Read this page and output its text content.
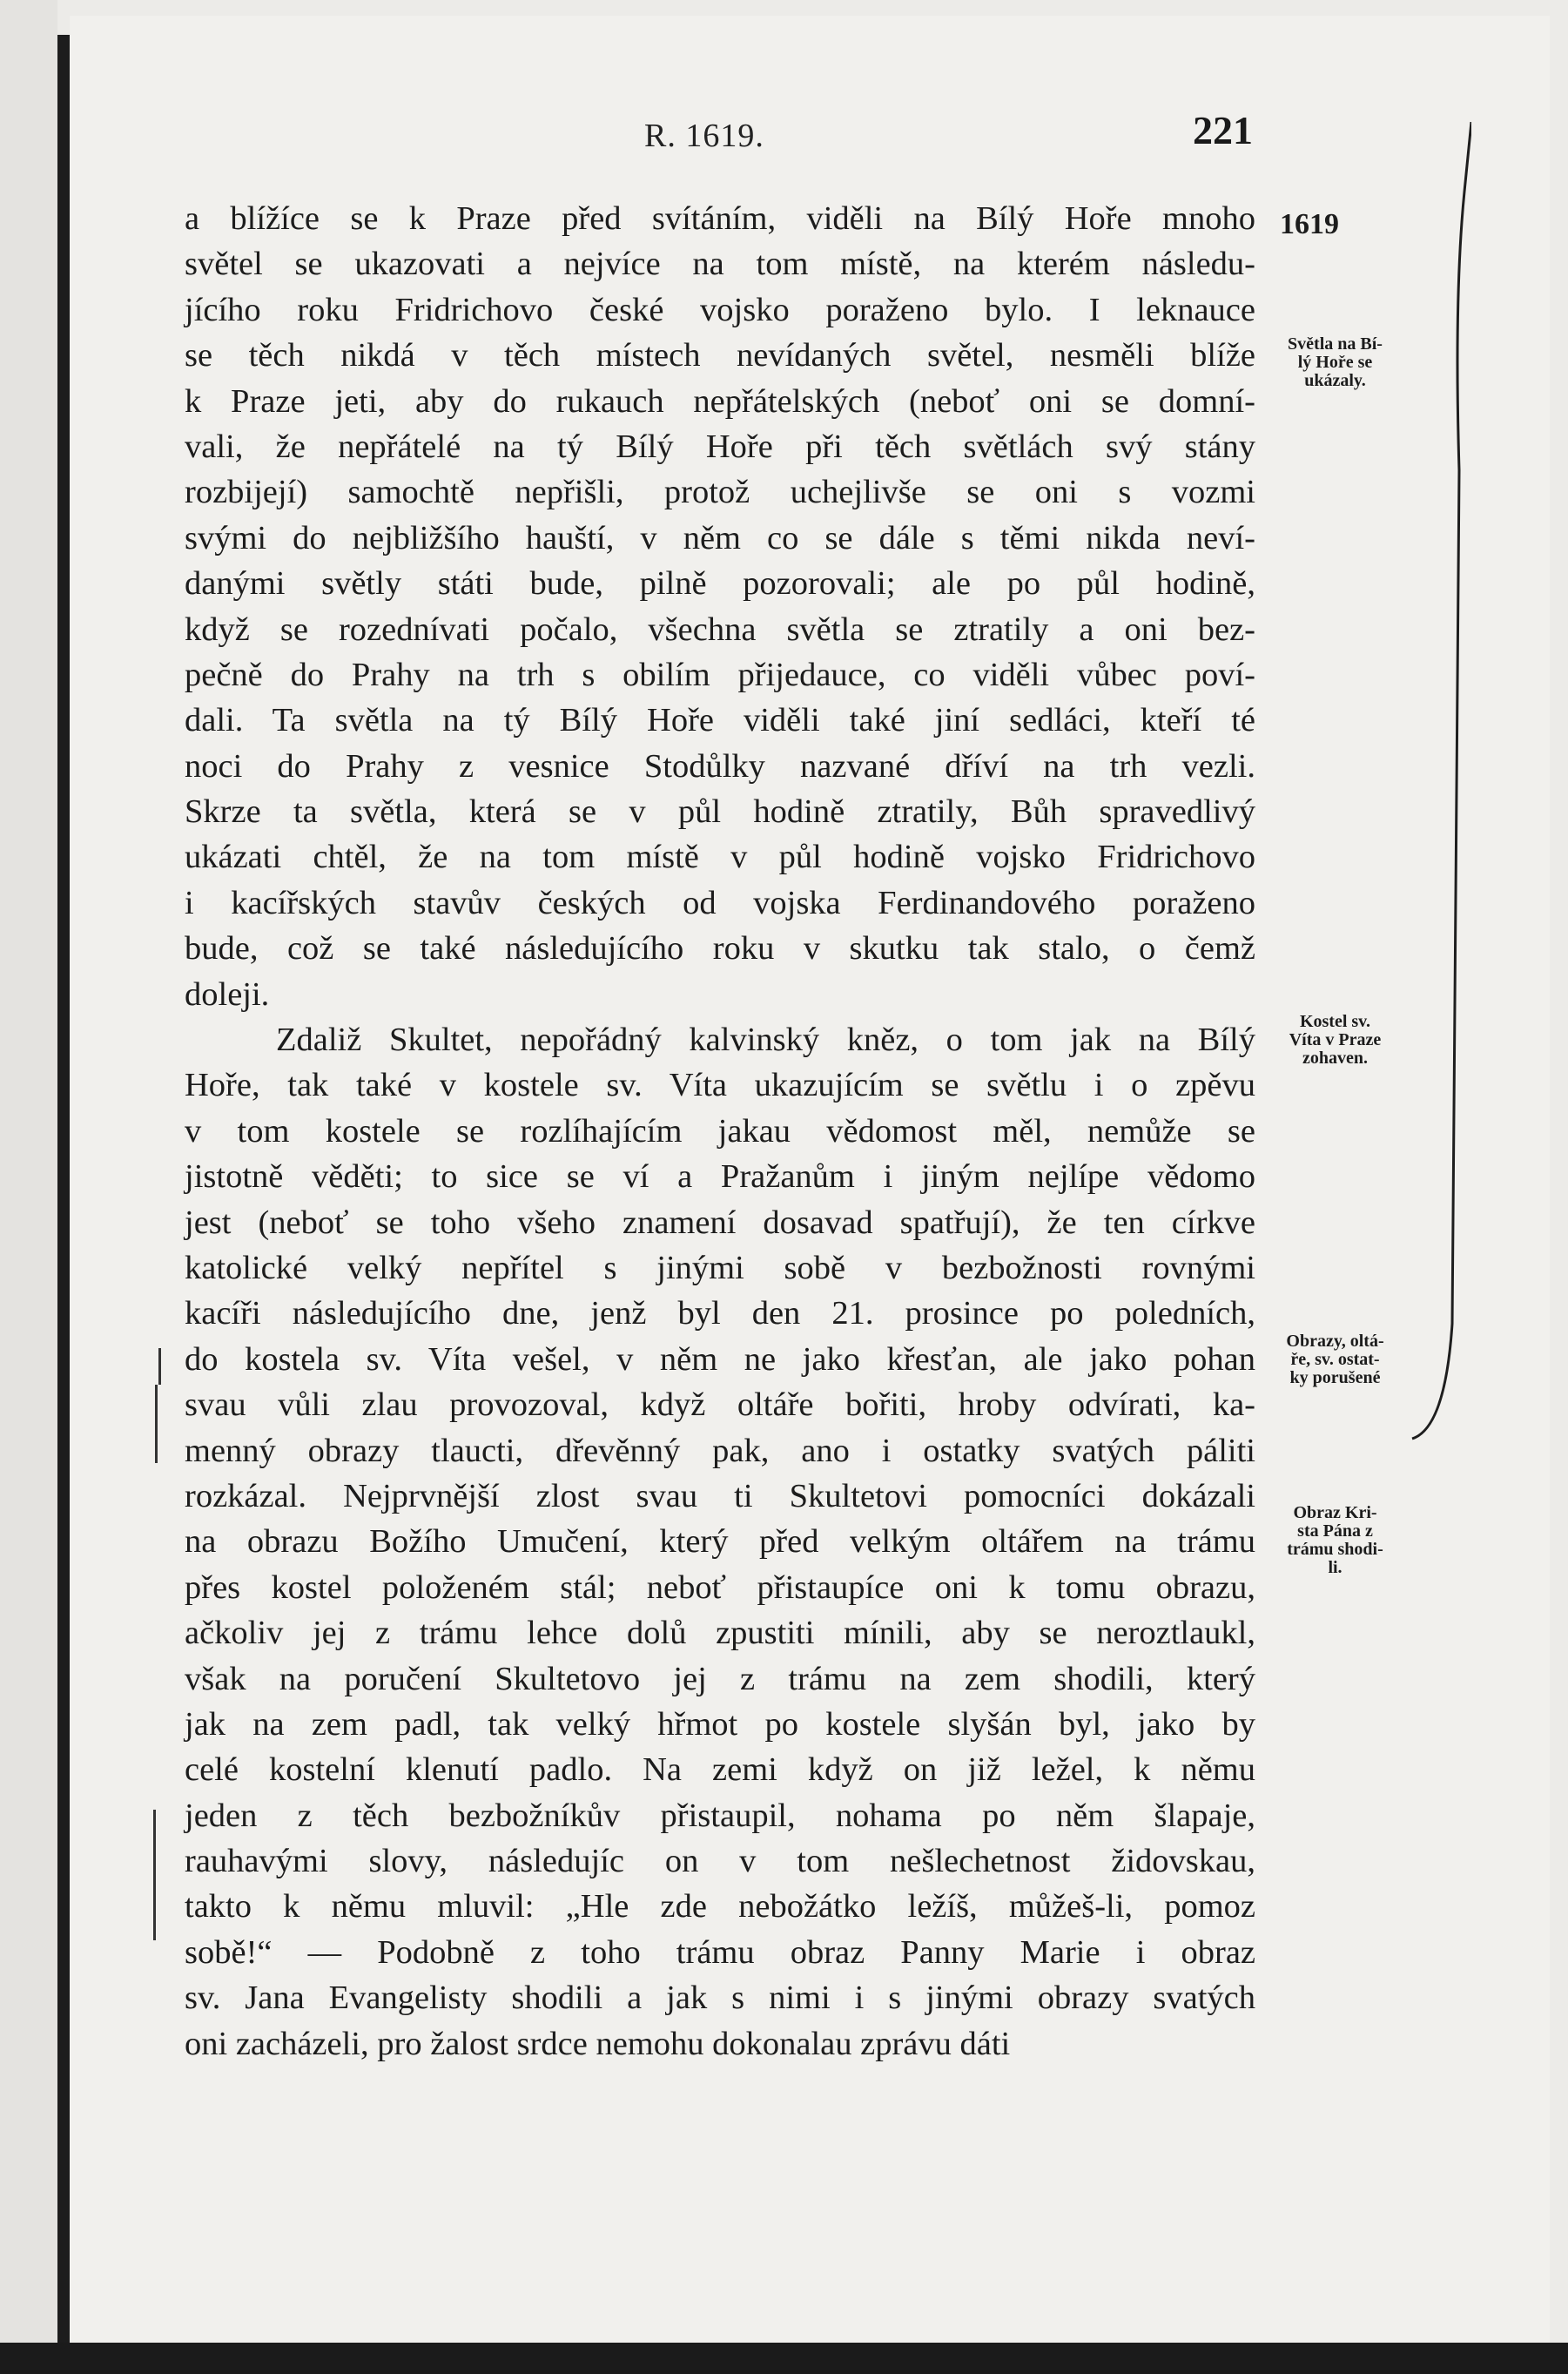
R. 1619.	221
a blížíce se k Praze před svítáním, viděli na Bílý Hoře mnoho
světel se ukazovati a nejvíce na tom místě, na kterém následu-
jícího roku Fridrichovo české vojsko poraženo bylo. I leknauce
se těch nikdá v těch místech nevídaných světel, nesměli blíže
k Praze jeti, aby do rukauch nepřátelských (neboť oni se domní-
vali, že nepřátelé na tý Bílý Hoře při těch světlách svý stány
rozbijejí) samochtě nepřišli, protož uchejlivše se oni s vozmi
svými do nejbližšího hauští, v něm co se dále s těmi nikda neví-
danými světly státi bude, pilně pozorovali; ale po půl hodině,
když se rozednívati počalo, všechna světla se ztratily a oni bez-
pečně do Prahy na trh s obilím přijedauce, co viděli vůbec poví-
dali. Ta světla na tý Bílý Hoře viděli také jiní sedláci, kteří té
noci do Prahy z vesnice Stodůlky nazvané dříví na trh vezli.
Skrze ta světla, která se v půl hodině ztratily, Bůh spravedlivý
ukázati chtěl, že na tom místě v půl hodině vojsko Fridrichovo
i kacířských stavův českých od vojska Ferdinandového poraženo
bude, což se také následujícího roku v skutku tak stalo, o čemž
doleji.
Zdaliž Skultet, nepořádný kalvinský kněz, o tom jak na Bílý
Hoře, tak také v kostele sv. Víta ukazujícím se světlu i o zpěvu
v tom kostele se rozlíhajícím jakau vědomost měl, nemůže se
jistotně věděti; to sice se ví a Pražanům i jiným nejlípe vědomo
jest (neboť se toho všeho znamení dosavad spatřují), že ten církve
katolické velký nepřítel s jinými sobě v bezbožnosti rovnými
kacíři následujícího dne, jenž byl den 21. prosince po poledních,
do kostela sv. Víta vešel, v něm ne jako křesťan, ale jako pohan
svau vůli zlau provozoval, když oltáře bořiti, hroby odvírati, ka-
menný obrazy tlaucti, dřevěnný pak, ano i ostatky svatých páliti
rozkázal. Nejprvnější zlost svau ti Skultetovi pomocníci dokázali
na obrazu Božího Umučení, který před velkým oltářem na trámu
přes kostel položeném stál; neboť přistaupíce oni k tomu obrazu,
ačkoliv jej z trámu lehce dolů zpustiti mínili, aby se neroztlaukl,
však na poručení Skultetovo jej z trámu na zem shodili, který
jak na zem padl, tak velký hřmot po kostele slyšán byl, jako by
celé kostelní klenutí padlo. Na zemi když on již ležel, k němu
jeden z těch bezbožníkův přistaupil, nohama po něm šlapaje,
rauhavými slovy, následujíc on v tom nešlechetnost židovskau,
takto k němu mluvil: „Hle zde nebožátko ležíš, můžeš-li, pomoz
sobě!“ — Podobně z toho trámu obraz Panny Marie i obraz
sv. Jana Evangelisty shodili a jak s nimi i s jinými obrazy svatých
oni zacházeli, pro žalost srdce nemohu dokonalau zprávu dáti
1619
Světla na Bí-
lý Hoře se
ukázaly.
Kostel sv.
Víta v Praze
zohaven.
Obrazy, oltá-
ře, sv. ostat-
ky porušené
Obraz Kri-
sta Pána z
trámu shodi-
li.
